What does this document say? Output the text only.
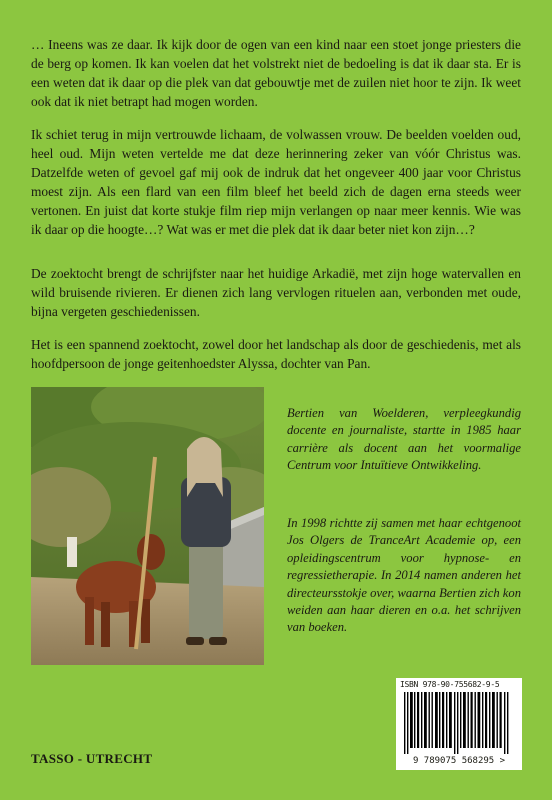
… Ineens was ze daar. Ik kijk door de ogen van een kind naar een stoet jonge priesters die de berg op komen. Ik kan voelen dat het volstrekt niet de bedoeling is dat ik daar sta. Er is een weten dat ik daar op die plek van dat gebouwtje met de zuilen niet hoor te zijn. Ik weet ook dat ik niet betrapt had mogen worden.

Ik schiet terug in mijn vertrouwde lichaam, de volwassen vrouw. De beelden voelden oud, heel oud. Mijn weten vertelde me dat deze herinnering zeker van vóór Christus was. Datzelfde weten of gevoel gaf mij ook de indruk dat het ongeveer 400 jaar voor Christus moest zijn. Als een flard van een film bleef het beeld zich de dagen erna steeds weer vertonen. En juist dat korte stukje film riep mijn verlangen op naar meer kennis. Wie was ik daar op die hoogte…? Wat was er met die plek dat ik daar beter niet kon zijn…?

De zoektocht brengt de schrijfster naar het huidige Arkadië, met zijn hoge watervallen en wild bruisende rivieren. Er dienen zich lang vervlogen rituelen aan, verbonden met oude, bijna vergeten geschiedenissen.

Het is een spannend zoektocht, zowel door het landschap als door de geschiedenis, met als hoofdpersoon de jonge geitenhoedster Alyssa, dochter van Pan.

Bertien van Woelderen, verpleegkundig docente en journaliste, startte in 1985 haar carrière als docent aan het voormalige Centrum voor Intuïtieve Ontwikkeling.

In 1998 richtte zij samen met haar echtgenoot Jos Olgers de TranceArt Academie op, een opleidingscentrum voor hypnose- en regressietherapie. In 2014 namen anderen het directeursstokje over, waarna Bertien zich kon weiden aan haar dieren en o.a. het schrijven van boeken.

ISBN 978-90-755682-9-5
9 789075 568295 >
TASSO - UTRECHT
